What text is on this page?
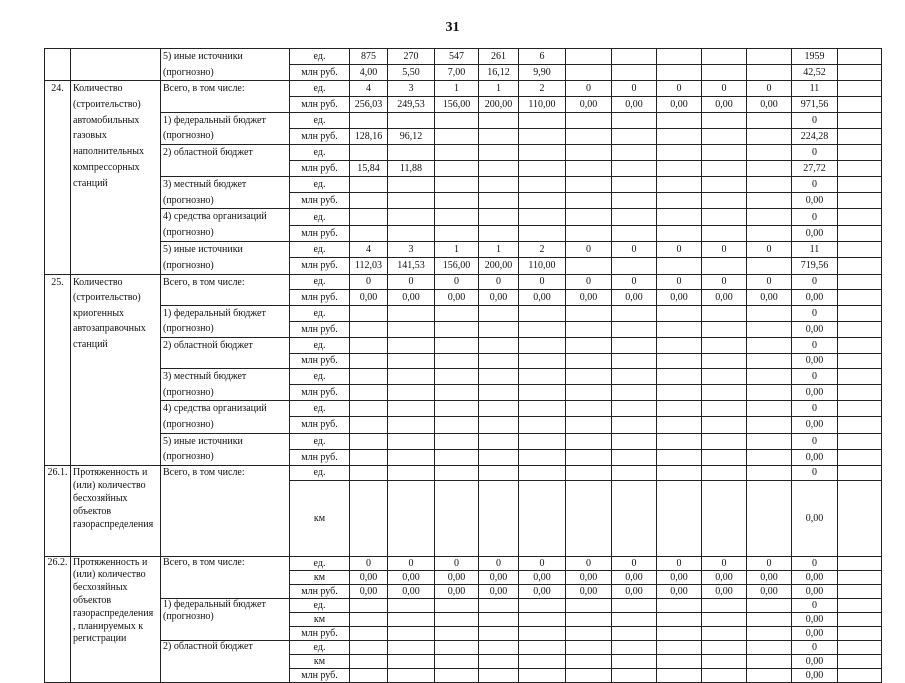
31
		5) иные источники (прогнозно)	ед.	875	270	547	261	6						1959	
			млн руб.	4,00	5,50	7,00	16,12	9,90						42,52	
24.	Количество (строительство) автомобильных газовых наполнительных компрессорных станций	Всего, в том числе:	ед.	4	3	1	1	2	0	0	0	0	0	11	
			млн руб.	256,03	249,53	156,00	200,00	110,00	0,00	0,00	0,00	0,00	0,00	971,56	
		1) федеральный бюджет (прогнозно)	ед.											0	
			млн руб.	128,16	96,12									224,28	
		2) областной бюджет	ед.											0	
			млн руб.	15,84	11,88									27,72	
		3) местный бюджет (прогнозно)	ед.											0	
			млн руб.											0,00	
		4) средства организаций (прогнозно)	ед.											0	
			млн руб.											0,00	
		5) иные источники (прогнозно)	ед.	4	3	1	1	2	0	0	0	0	0	11	
			млн руб.	112,03	141,53	156,00	200,00	110,00						719,56	
25.	Количество (строительство) криогенных автозаправочных станций	Всего, в том числе:	ед.	0	0	0	0	0	0	0	0	0	0	0	
			млн руб.	0,00	0,00	0,00	0,00	0,00	0,00	0,00	0,00	0,00	0,00	0,00	
		1) федеральный бюджет (прогнозно)	ед.											0	
			млн руб.											0,00	
		2) областной бюджет	ед.											0	
			млн руб.											0,00	
		3) местный бюджет (прогнозно)	ед.											0	
			млн руб.											0,00	
		4) средства организаций (прогнозно)	ед.											0	
			млн руб.											0,00	
		5) иные источники (прогнозно)	ед.											0	
			млн руб.											0,00	
26.1.	Протяженность и (или) количество бесхозяйных объектов газораспределения	Всего, в том числе:	ед.											0	
			км											0,00	
26.2.	Протяженность и (или) количество бесхозяйных объектов газораспределения , планируемых к регистрации	Всего, в том числе:	ед.	0	0	0	0	0	0	0	0	0	0	0	
			км	0,00	0,00	0,00	0,00	0,00	0,00	0,00	0,00	0,00	0,00	0,00	
			млн руб.	0,00	0,00	0,00	0,00	0,00	0,00	0,00	0,00	0,00	0,00	0,00	
		1) федеральный бюджет (прогнозно)	ед.											0	
			км											0,00	
			млн руб.											0,00	
		2) областной бюджет	ед.											0	
			км											0,00	
			млн руб.											0,00	
